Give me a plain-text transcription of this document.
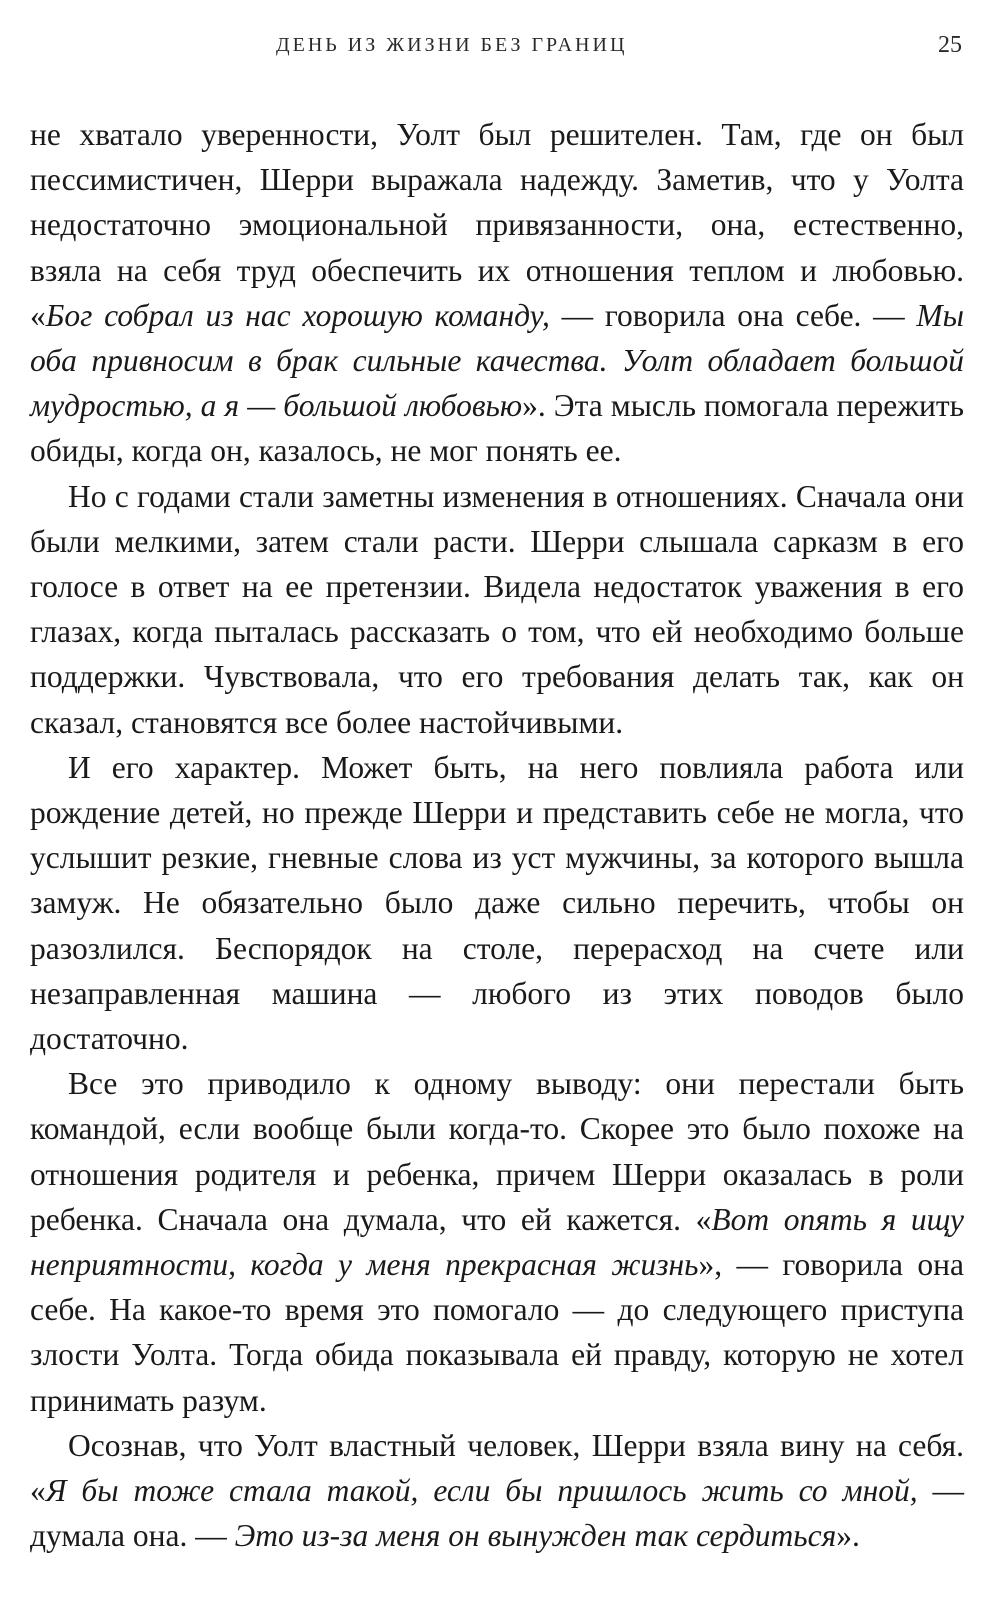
ДЕНЬ ИЗ ЖИЗНИ БЕЗ ГРАНИЦ	25

не хватало уверенности, Уолт был решителен. Там, где он был пессимистичен, Шерри выражала надежду. Заметив, что у Уолта недостаточно эмоциональной привязанности, она, естественно, взяла на себя труд обеспечить их отношения теплом и любовью. «Бог собрал из нас хорошую команду, — говорила она себе. — Мы оба привносим в брак сильные качества. Уолт обладает большой мудростью, а я — большой любовью». Эта мысль помогала пережить обиды, когда он, казалось, не мог понять ее.

Но с годами стали заметны изменения в отношениях. Сначала они были мелкими, затем стали расти. Шерри слышала сарказм в его голосе в ответ на ее претензии. Видела недостаток уважения в его глазах, когда пыталась рассказать о том, что ей необходимо больше поддержки. Чувствовала, что его требования делать так, как он сказал, становятся все более настойчивыми.

И его характер. Может быть, на него повлияла работа или рождение детей, но прежде Шерри и представить себе не могла, что услышит резкие, гневные слова из уст мужчины, за которого вышла замуж. Не обязательно было даже сильно перечить, чтобы он разозлился. Беспорядок на столе, перерасход на счете или незаправленная машина — любого из этих поводов было достаточно.

Все это приводило к одному выводу: они перестали быть командой, если вообще были когда-то. Скорее это было похоже на отношения родителя и ребенка, причем Шерри оказалась в роли ребенка. Сначала она думала, что ей кажется. «Вот опять я ищу неприятности, когда у меня прекрасная жизнь», — говорила она себе. На какое-то время это помогало — до следующего приступа злости Уолта. Тогда обида показывала ей правду, которую не хотел принимать разум.

Осознав, что Уолт властный человек, Шерри взяла вину на себя. «Я бы тоже стала такой, если бы пришлось жить со мной, — думала она. — Это из-за меня он вынужден так сердиться».
